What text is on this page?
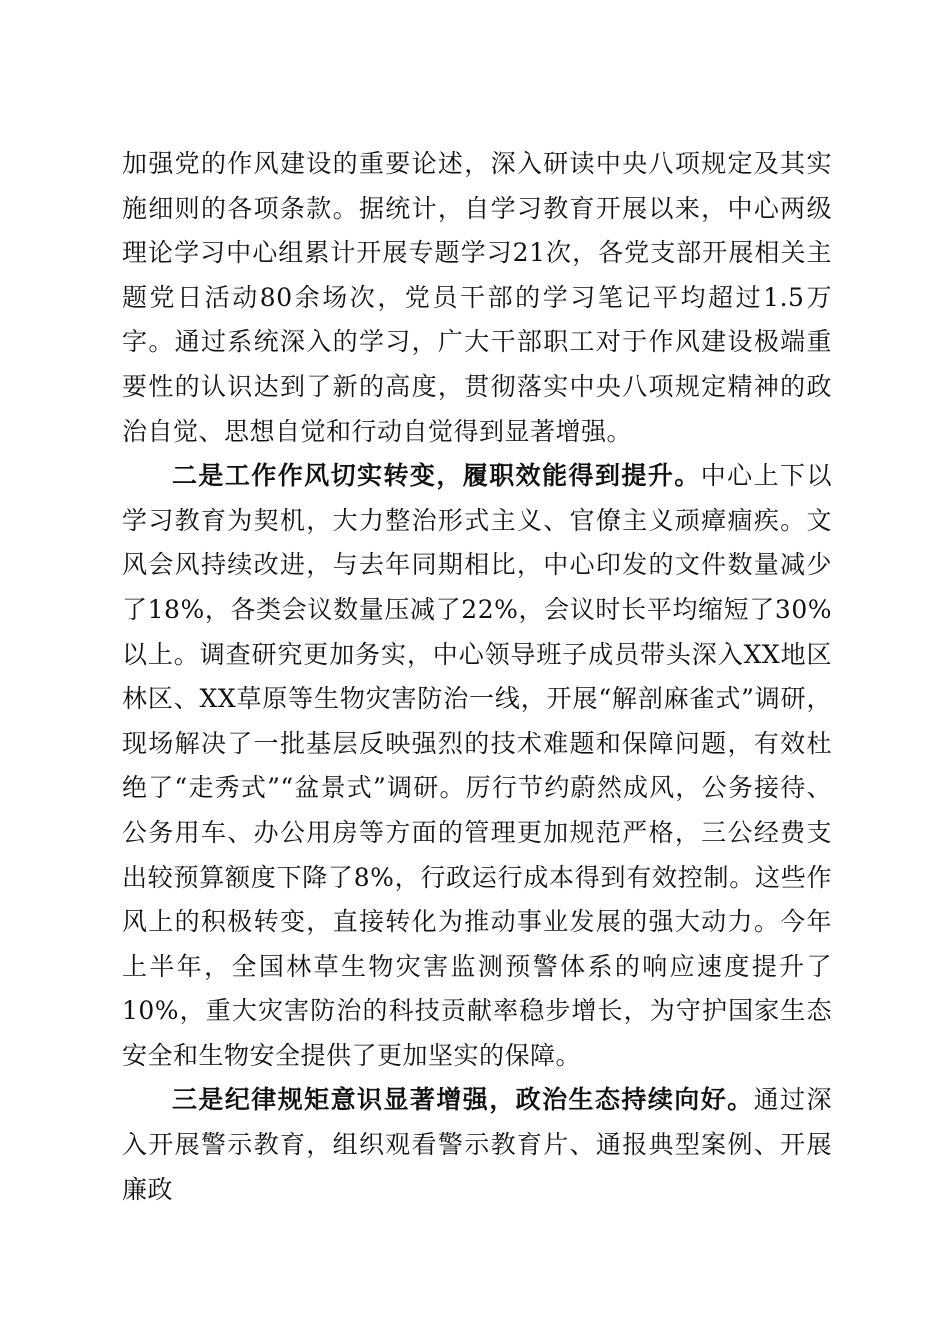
加强党的作风建设的重要论述，深入研读中央八项规定及其实施细则的各项条款。据统计，自学习教育开展以来，中心两级理论学习中心组累计开展专题学习21次，各党支部开展相关主题党日活动80余场次，党员干部的学习笔记平均超过1.5万字。通过系统深入的学习，广大干部职工对于作风建设极端重要性的认识达到了新的高度，贯彻落实中央八项规定精神的政治自觉、思想自觉和行动自觉得到显著增强。

二是工作作风切实转变，履职效能得到提升。中心上下以学习教育为契机，大力整治形式主义、官僚主义顽瘴痼疾。文风会风持续改进，与去年同期相比，中心印发的文件数量减少了18%，各类会议数量压减了22%，会议时长平均缩短了30%以上。调查研究更加务实，中心领导班子成员带头深入XX地区林区、XX草原等生物灾害防治一线，开展“解剖麻雀式”调研，现场解决了一批基层反映强烈的技术难题和保障问题，有效杜绝了“走秀式”“盆景式”调研。厉行节约蔚然成风，公务接待、公务用车、办公用房等方面的管理更加规范严格，三公经费支出较预算额度下降了8%，行政运行成本得到有效控制。这些作风上的积极转变，直接转化为推动事业发展的强大动力。今年上半年，全国林草生物灾害监测预警体系的响应速度提升了10%，重大灾害防治的科技贡献率稳步增长，为守护国家生态安全和生物安全提供了更加坚实的保障。

三是纪律规矩意识显著增强，政治生态持续向好。通过深入开展警示教育，组织观看警示教育片、通报典型案例、开展廉政
